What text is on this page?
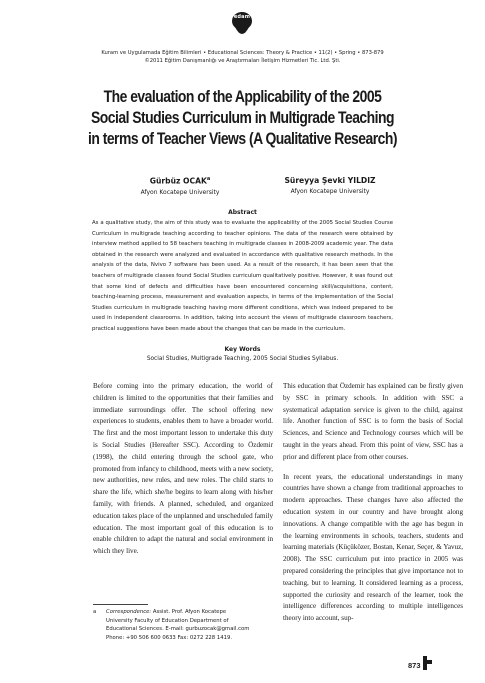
edam
Kuram ve Uygulamada Eğitim Bilimleri • Educational Sciences: Theory & Practice • 11(2) • Spring • 873-879
©2011 Eğitim Danışmanlığı ve Araştırmaları İletişim Hizmetleri Tic. Ltd. Şti.
The evaluation of the Applicability of the 2005 Social Studies Curriculum in Multigrade Teaching in terms of Teacher Views (A Qualitative Research)
Gürbüz OCAK$^a$
Afyon Kocatepe University
Süreyya Şevki YILDIZ
Afyon Kocatepe University
Abstract
As a qualitative study, the aim of this study was to evaluate the applicability of the 2005 Social Studies Course Curriculum in multigrade teaching according to teacher opinions. The data of the research were obtained by interview method applied to 58 teachers teaching in multigrade classes in 2008-2009 academic year. The data obtained in the research were analyzed and evaluated in accordance with qualitative research methods. In the analysis of the data, Nvivo 7 software has been used. As a result of the research, it has been seen that the teachers of multigrade classes found Social Studies curriculum qualitatively positive. However, it was found out that some kind of defects and difficulties have been encountered concerning skill/acquisitions, content, teaching-learning process, measurement and evaluation aspects, in terms of the implementation of the Social Studies curriculum in multigrade teaching having more different conditions, which was indeed prepared to be used in independent classrooms. In addition, taking into account the views of multigrade classroom teachers, practical suggestions have been made about the changes that can be made in the curriculum.
Key Words
Social Studies, Multigrade Teaching, 2005 Social Studies Syllabus.

Before coming into the primary education, the world of children is limited to the opportunities that their families and immediate surroundings offer. The school offering new experiences to students, enables them to have a broader world. The first and the most important lesson to undertake this duty is Social Studies (Hereafter SSC). According to Özdemir (1998), the child entering through the school gate, who promoted from infancy to childhood, meets with a new society, new authorities, new rules, and new roles. The child starts to share the life, which she/he begins to learn along with his/her family, with friends. A planned, scheduled, and organized education takes place of the unplanned and unscheduled family education. The most important goal of this education is to enable children to adapt the natural and social environment in which they live.

This education that Özdemir has explained can be firstly given by SSC in primary schools. In addition with SSC a systematical adaptation service is given to the child, against life. Another function of SSC is to form the basis of Social Sciences, and Science and Technology courses which will be taught in the years ahead. From this point of view, SSC has a prior and different place from other courses.

In recent years, the educational understandings in many countries have shown a change from traditional approaches to modern approaches. These changes have also affected the education system in our country and have brought along innovations. A change compatible with the age has begun in the learning environments in schools, teachers, students and learning materials (Küçüközer, Bostan, Kenar, Seçer, & Yavuz, 2008). The SSC curriculum put into practice in 2005 was prepared considering the principles that give importance not to teaching, but to learning. It considered learning as a process, supported the curiosity and research of the learner, took the intelligence differences according to multiple intelligences theory into account, sup-

a	Correspondence: Assist. Prof. Afyon Kocatepe University Faculty of Education Department of Educational Sciences. E-mail: gurbuzocak@gmail.com Phone: +90 506 600 0633 Fax: 0272 228 1419.
873
